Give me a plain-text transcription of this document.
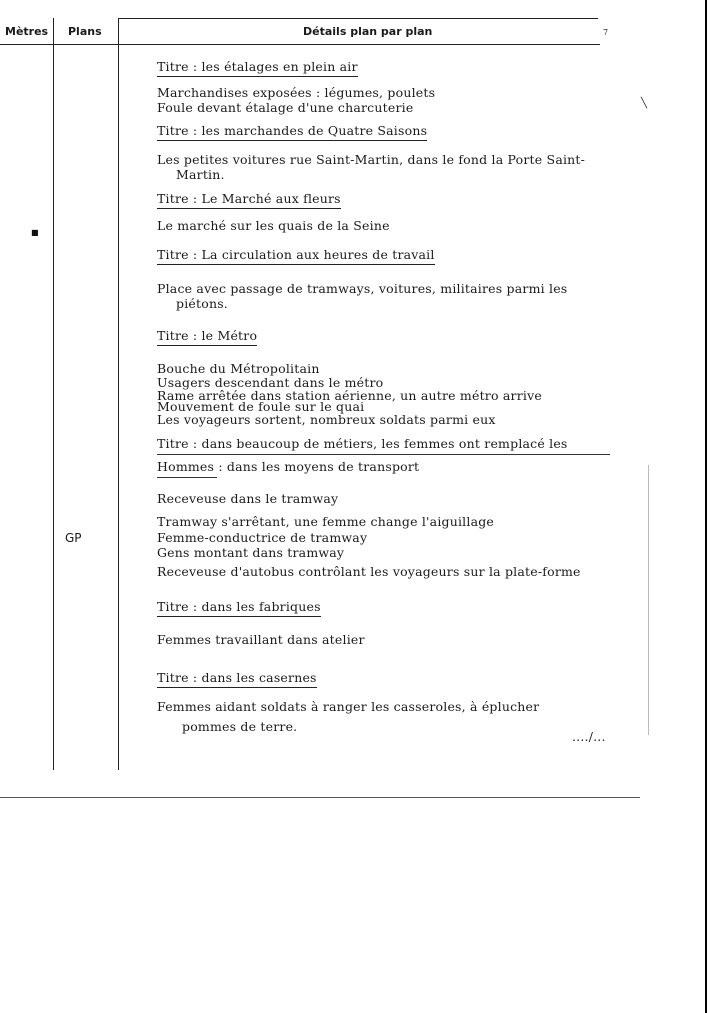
Mètres Plans	Détails plan par plan	7
GP
Titre : les étalages en plein air
Marchandises exposées : légumes, poulets
Foule devant étalage d'une charcuterie
Titre : les marchandes de Quatre Saisons
Les petites voitures rue Saint-Martin, dans le fond la Porte Saint-
Martin.
Titre : Le Marché aux fleurs
Le marché sur les quais de la Seine
Titre : La circulation aux heures de travail
Place avec passage de tramways, voitures, militaires parmi les
piétons.
Titre : le Métro
Bouche du Métropolitain
Usagers descendant dans le métro
Rame arrêtée dans station aérienne, un autre métro arrive
Mouvement de foule sur le quai
Les voyageurs sortent, nombreux soldats parmi eux
Titre : dans beaucoup de métiers, les femmes ont remplacé les
Hommes : dans les moyens de transport
Receveuse dans le tramway
Tramway s'arrêtant, une femme change l'aiguillage
Femme-conductrice de tramway
Gens montant dans tramway
Receveuse d'autobus contrôlant les voyageurs sur la plate-forme
Titre : dans les fabriques
Femmes travaillant dans atelier
Titre : dans les casernes
Femmes aidant soldats à ranger les casseroles, à éplucher
pommes de terre.
..../...
■
╲
